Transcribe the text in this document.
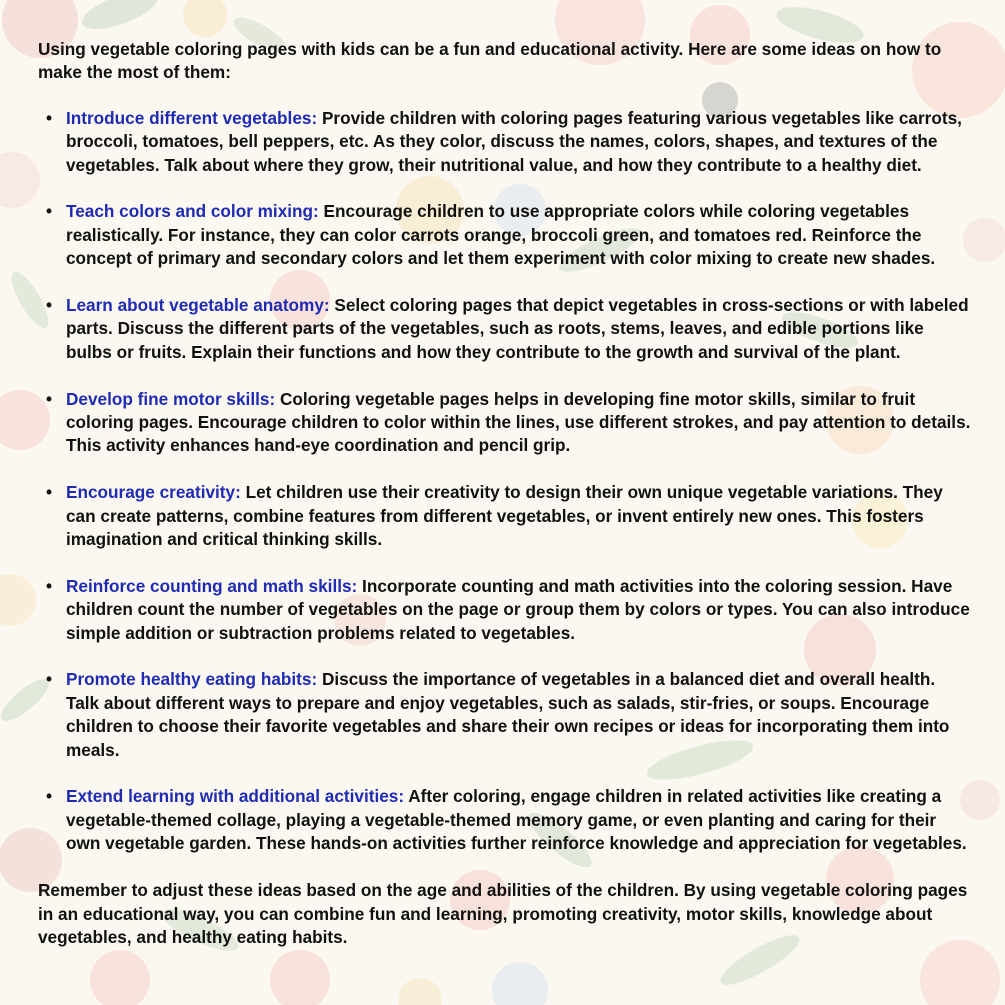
Using vegetable coloring pages with kids can be a fun and educational activity. Here are some ideas on how to make the most of them:

• Introduce different vegetables: Provide children with coloring pages featuring various vegetables like carrots, broccoli, tomatoes, bell peppers, etc. As they color, discuss the names, colors, shapes, and textures of the vegetables. Talk about where they grow, their nutritional value, and how they contribute to a healthy diet.
• Teach colors and color mixing: Encourage children to use appropriate colors while coloring vegetables realistically. For instance, they can color carrots orange, broccoli green, and tomatoes red. Reinforce the concept of primary and secondary colors and let them experiment with color mixing to create new shades.
• Learn about vegetable anatomy: Select coloring pages that depict vegetables in cross-sections or with labeled parts. Discuss the different parts of the vegetables, such as roots, stems, leaves, and edible portions like bulbs or fruits. Explain their functions and how they contribute to the growth and survival of the plant.
• Develop fine motor skills: Coloring vegetable pages helps in developing fine motor skills, similar to fruit coloring pages. Encourage children to color within the lines, use different strokes, and pay attention to details. This activity enhances hand-eye coordination and pencil grip.
• Encourage creativity: Let children use their creativity to design their own unique vegetable variations. They can create patterns, combine features from different vegetables, or invent entirely new ones. This fosters imagination and critical thinking skills.
• Reinforce counting and math skills: Incorporate counting and math activities into the coloring session. Have children count the number of vegetables on the page or group them by colors or types. You can also introduce simple addition or subtraction problems related to vegetables.
• Promote healthy eating habits: Discuss the importance of vegetables in a balanced diet and overall health. Talk about different ways to prepare and enjoy vegetables, such as salads, stir-fries, or soups. Encourage children to choose their favorite vegetables and share their own recipes or ideas for incorporating them into meals.
• Extend learning with additional activities: After coloring, engage children in related activities like creating a vegetable-themed collage, playing a vegetable-themed memory game, or even planting and caring for their own vegetable garden. These hands-on activities further reinforce knowledge and appreciation for vegetables.

Remember to adjust these ideas based on the age and abilities of the children. By using vegetable coloring pages in an educational way, you can combine fun and learning, promoting creativity, motor skills, knowledge about vegetables, and healthy eating habits.
